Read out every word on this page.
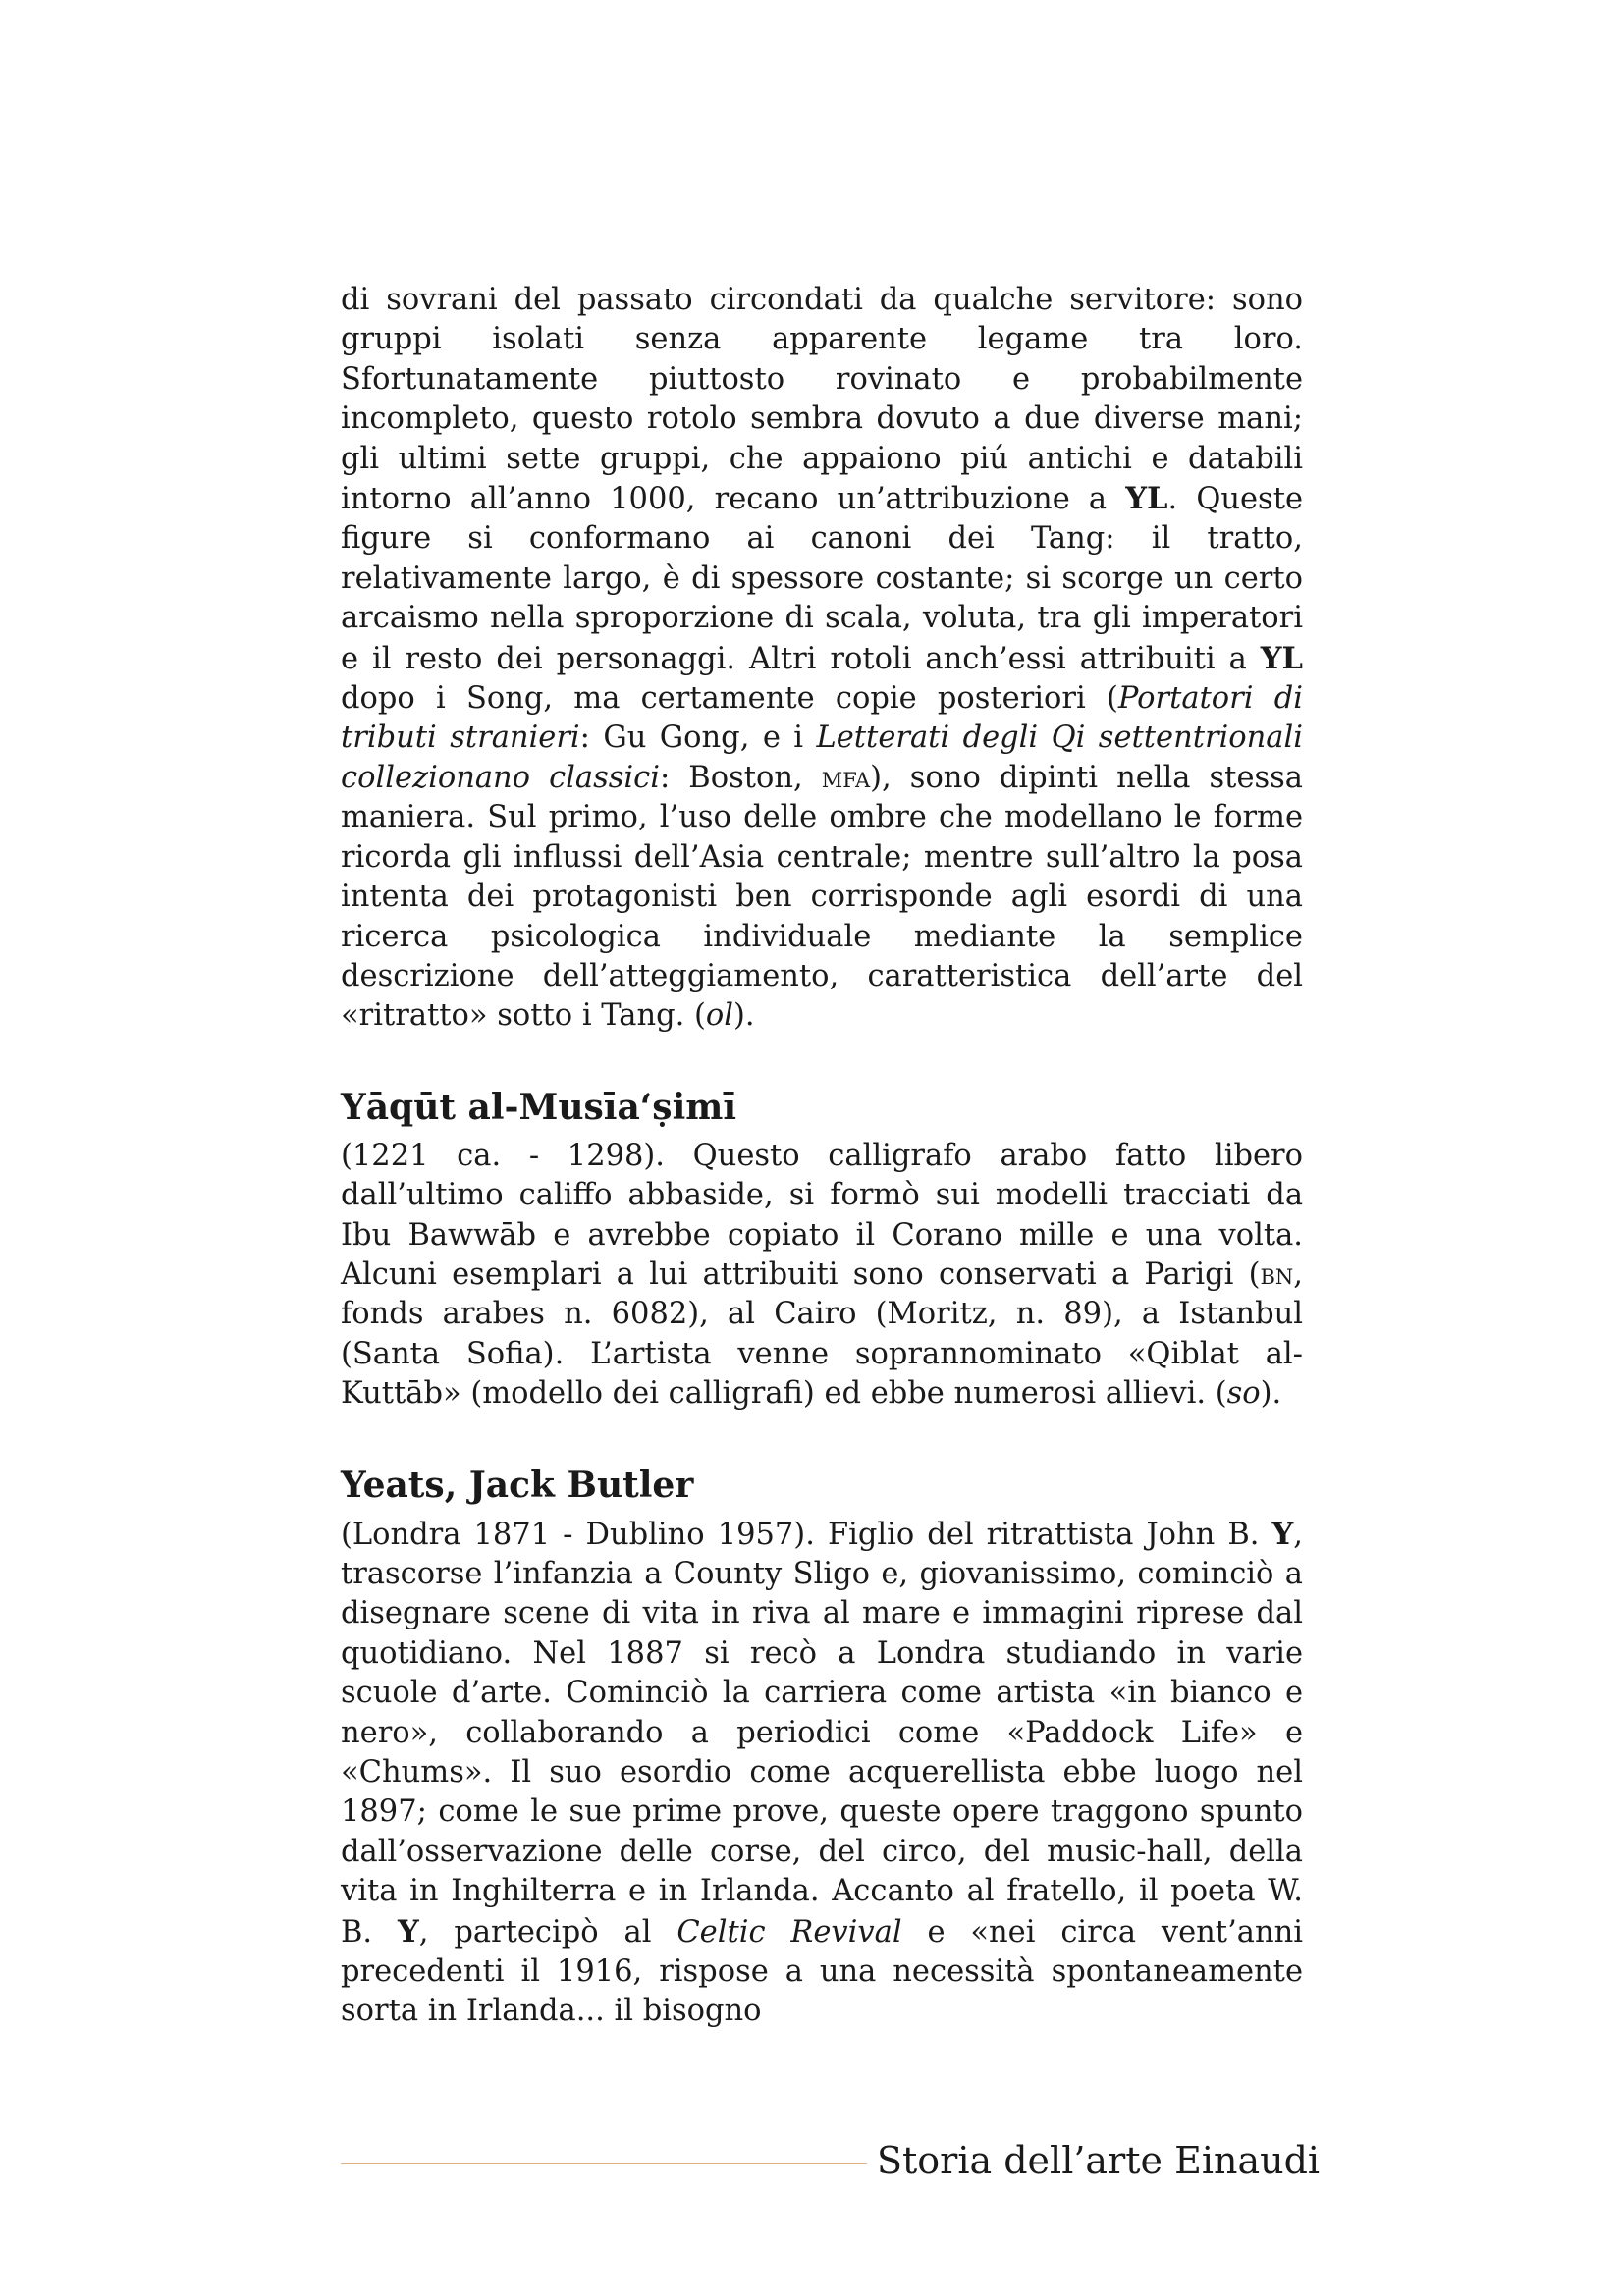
di sovrani del passato circondati da qualche servitore: sono gruppi isolati senza apparente legame tra loro. Sfortunatamente piuttosto rovinato e probabilmente incompleto, questo rotolo sembra dovuto a due diverse mani; gli ultimi sette gruppi, che appaiono piú antichi e databili intorno all’anno 1000, recano un’attribuzione a YL. Queste figure si conformano ai canoni dei Tang: il tratto, relativamente largo, è di spessore costante; si scorge un certo arcaismo nella sproporzione di scala, voluta, tra gli imperatori e il resto dei personaggi. Altri rotoli anch’essi attribuiti a YL dopo i Song, ma certamente copie posteriori (Portatori di tributi stranieri: Gu Gong, e i Letterati degli Qi settentrionali collezionano classici: Boston, mfa), sono dipinti nella stessa maniera. Sul primo, l’uso delle ombre che modellano le forme ricorda gli influssi dell’Asia centrale; mentre sull’altro la posa intenta dei protagonisti ben corrisponde agli esordi di una ricerca psicologica individuale mediante la semplice descrizione dell’atteggiamento, caratteristica dell’arte del «ritratto» sotto i Tang. (ol).

Yāqūt al-Musīa‘ṣimī

(1221 ca. - 1298). Questo calligrafo arabo fatto libero dall’ultimo califfo abbaside, si formò sui modelli tracciati da Ibu Bawwāb e avrebbe copiato il Corano mille e una volta. Alcuni esemplari a lui attribuiti sono conservati a Parigi (bn, fonds arabes n. 6082), al Cairo (Moritz, n. 89), a Istanbul (Santa Sofia). L’artista venne soprannominato «Qiblat al-Kuttāb» (modello dei calligrafi) ed ebbe numerosi allievi. (so).

Yeats, Jack Butler

(Londra 1871 - Dublino 1957). Figlio del ritrattista John B. Y, trascorse l’infanzia a County Sligo e, giovanissimo, cominciò a disegnare scene di vita in riva al mare e immagini riprese dal quotidiano. Nel 1887 si recò a Londra studiando in varie scuole d’arte. Cominciò la carriera come artista «in bianco e nero», collaborando a periodici come «Paddock Life» e «Chums». Il suo esordio come acquerellista ebbe luogo nel 1897; come le sue prime prove, queste opere traggono spunto dall’osservazione delle corse, del circo, del music-hall, della vita in Inghilterra e in Irlanda. Accanto al fratello, il poeta W. B. Y, partecipò al Celtic Revival e «nei circa vent’anni precedenti il 1916, rispose a una necessità spontaneamente sorta in Irlanda... il bisogno

Storia dell’arte Einaudi
